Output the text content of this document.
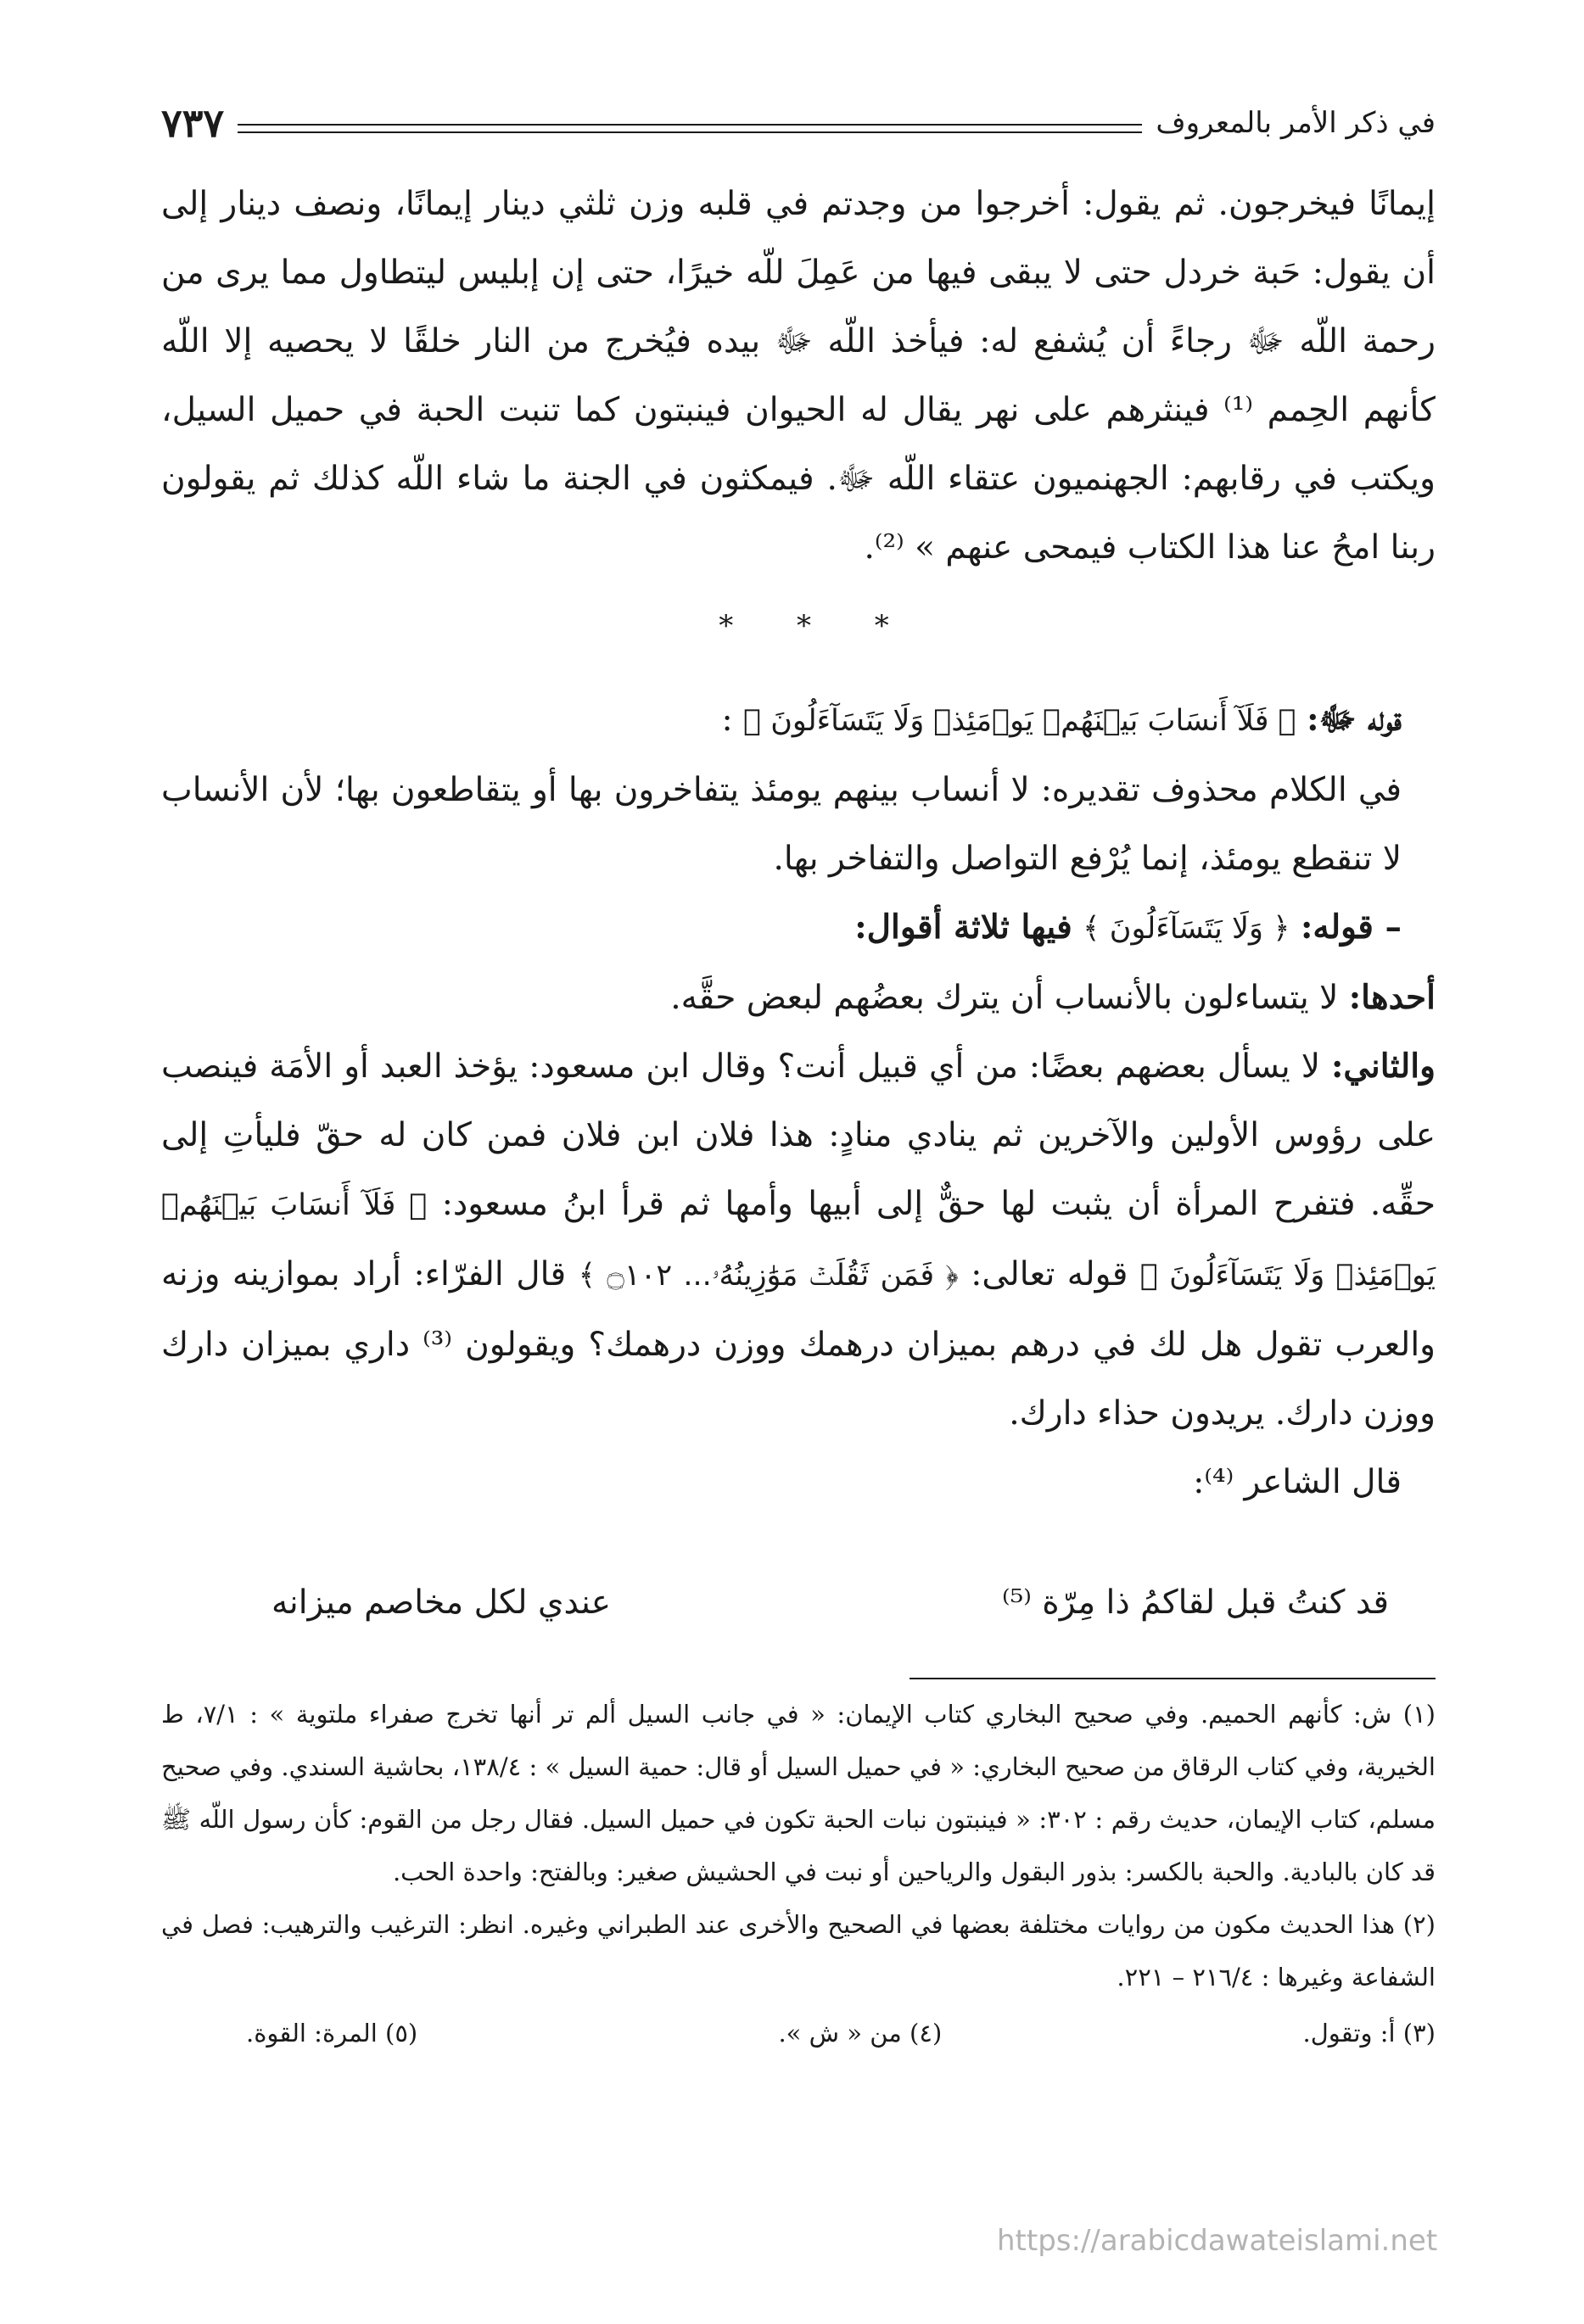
في ذكر الأمر بالمعروف
٧٣٧

إيمانًا فيخرجون. ثم يقول: أخرجوا من وجدتم في قلبه وزن ثلثي دينار إيمانًا، ونصف دينار إلى أن يقول: حَبة خردل حتى لا يبقى فيها من عَمِلَ للّه خيرًا، حتى إن إبليس ليتطاول مما يرى من رحمة اللّه ﷻ رجاءً أن يُشفع له: فيأخذ اللّه ﷻ بيده فيُخرج من النار خلقًا لا يحصيه إلا اللّه كأنهم الحِمم ⁽¹⁾ فينثرهم على نهر يقال له الحيوان فينبتون كما تنبت الحبة في حميل السيل، ويكتب في رقابهم: الجهنميون عتقاء اللّه ﷻ. فيمكثون في الجنة ما شاء اللّه كذلك ثم يقولون ربنا امحُ عنا هذا الكتاب فيمحى عنهم » ⁽²⁾.

* * *

قوله ﷻ: ﴿ فَلَآ أَنسَابَ بَيۡنَهُمۡ يَوۡمَئِذٖ وَلَا يَتَسَآءَلُونَ ﴾ :

في الكلام محذوف تقديره: لا أنساب بينهم يومئذ يتفاخرون بها أو يتقاطعون بها؛ لأن الأنساب لا تنقطع يومئذ، إنما يُرْفع التواصل والتفاخر بها.

– قوله: ﴿ وَلَا يَتَسَآءَلُونَ ﴾ فيها ثلاثة أقوال:

أحدها: لا يتساءلون بالأنساب أن يترك بعضُهم لبعض حقَّه.

والثاني: لا يسأل بعضهم بعضًا: من أي قبيل أنت؟ وقال ابن مسعود: يؤخذ العبد أو الأمَة فينصب على رؤوس الأولين والآخرين ثم ينادي منادٍ: هذا فلان ابن فلان فمن كان له حقّ فليأتِ إلى حقِّه. فتفرح المرأة أن يثبت لها حقٌّ إلى أبيها وأمها ثم قرأ ابنُ مسعود: ﴿ فَلَآ أَنسَابَ بَيۡنَهُمۡ يَوۡمَئِذٖ وَلَا يَتَسَآءَلُونَ ﴾ قوله تعالى: ﴿ فَمَن ثَقُلَتۡ مَوَٰزِينُهُۥ... ۝١٠٢ ﴾ قال الفرّاء: أراد بموازينه وزنه والعرب تقول هل لك في درهم بميزان درهمك ووزن درهمك؟ ويقولون ⁽³⁾ داري بميزان دارك ووزن دارك. يريدون حذاء دارك.

قال الشاعر ⁽⁴⁾:

قد كنتُ قبل لقاكمُ ذا مِرّة ⁽⁵⁾
عندي لكل مخاصم ميزانه

(١) ش: كأنهم الحميم. وفي صحيح البخاري كتاب الإيمان: « في جانب السيل ألم تر أنها تخرج صفراء ملتوية » : ٧/١، ط الخيرية، وفي كتاب الرقاق من صحيح البخاري: « في حميل السيل أو قال: حمية السيل » : ١٣٨/٤، بحاشية السندي. وفي صحيح مسلم، كتاب الإيمان، حديث رقم : ٣٠٢: « فينبتون نبات الحبة تكون في حميل السيل. فقال رجل من القوم: كأن رسول اللّه ﷺ قد كان بالبادية. والحبة بالكسر: بذور البقول والرياحين أو نبت في الحشيش صغير: وبالفتح: واحدة الحب.

(٢) هذا الحديث مكون من روايات مختلفة بعضها في الصحيح والأخرى عند الطبراني وغيره. انظر: الترغيب والترهيب: فصل في الشفاعة وغيرها : ٢١٦/٤ – ٢٢١.

(٣) أ: وتقول.
(٤) من « ش ».
(٥) المرة: القوة.
https://arabicdawateislami.net
